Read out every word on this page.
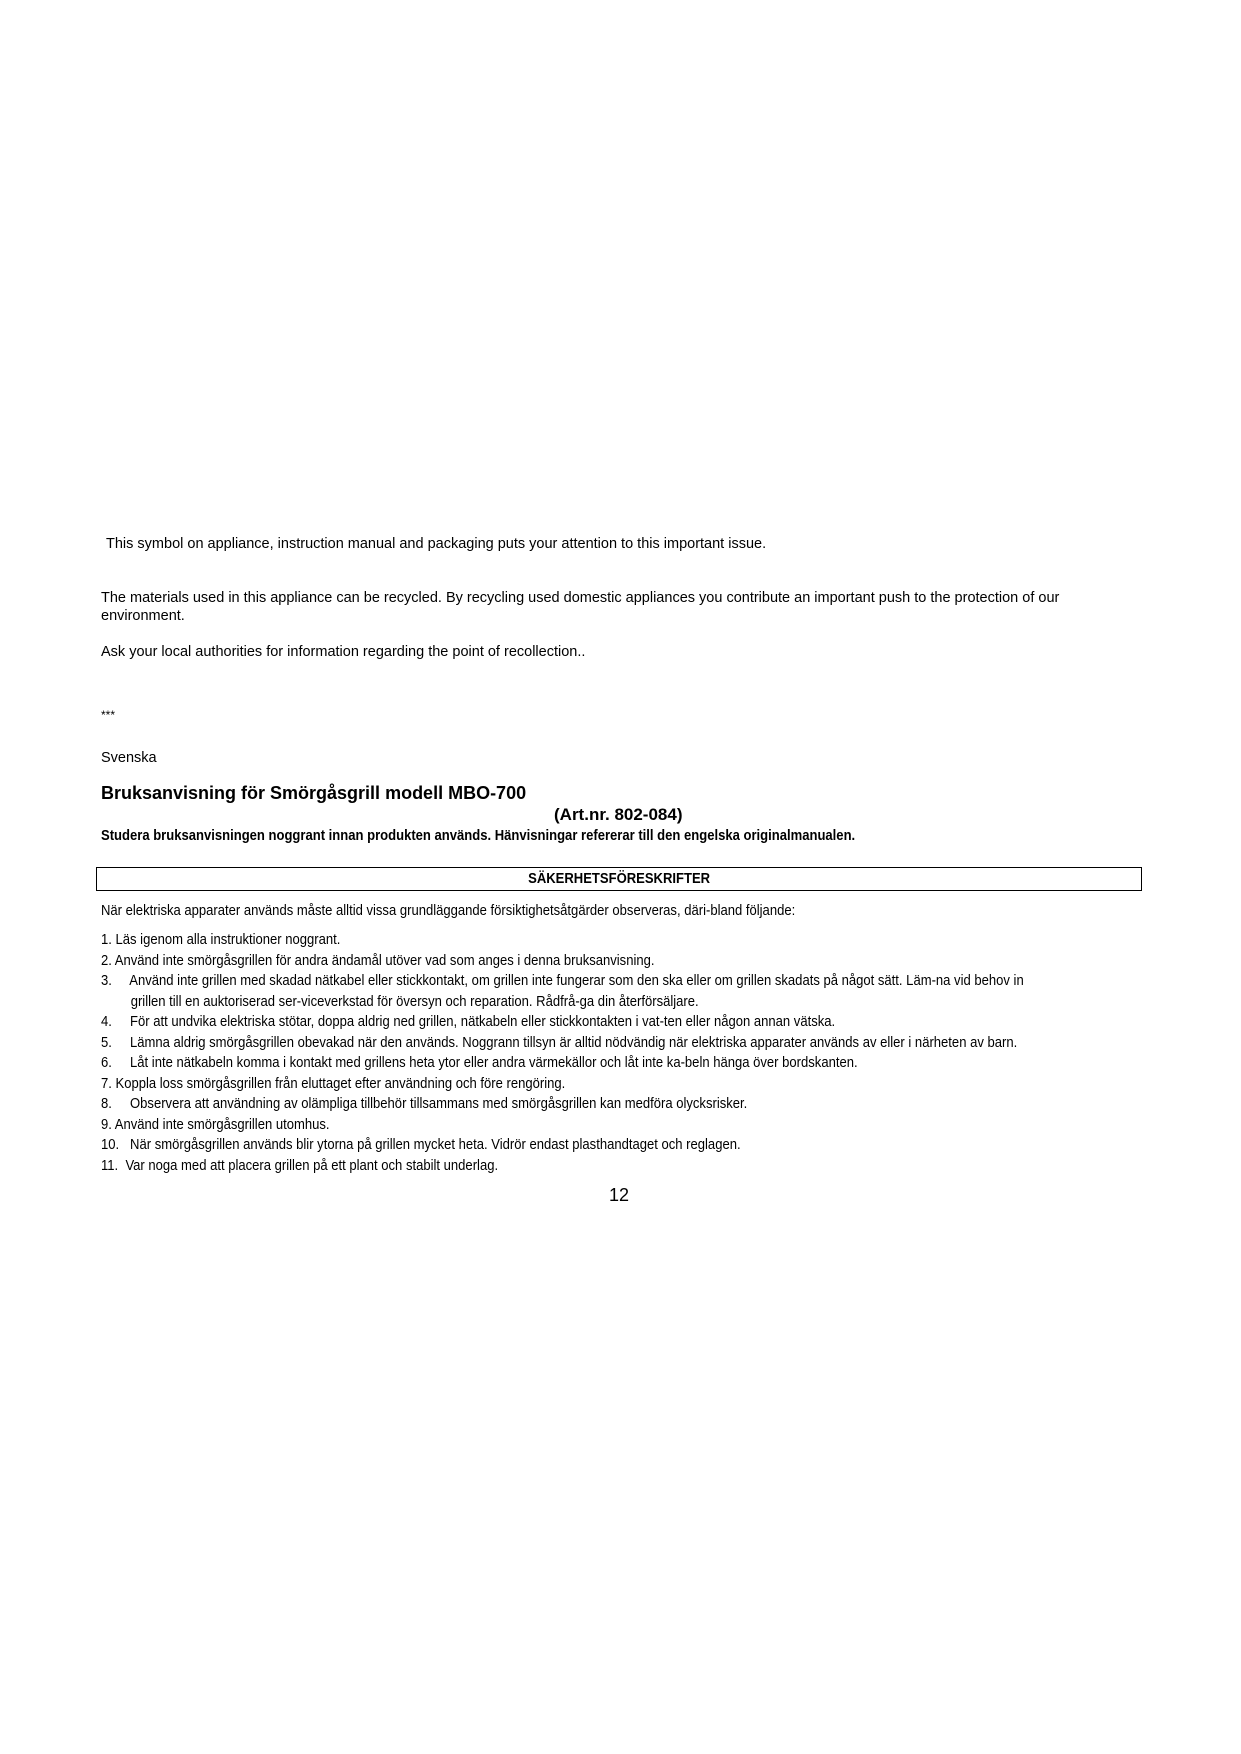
This symbol on appliance, instruction manual and packaging puts your attention to this important issue.
The materials used in this appliance can be recycled. By recycling used domestic appliances you contribute an important push to the protection of our environment.
Ask your local authorities for information regarding the point of recollection..
***
Svenska
Bruksanvisning för Smörgåsgrill modell MBO-700
(Art.nr. 802-084)
Studera bruksanvisningen noggrant innan produkten används. Hänvisningar refererar till den engelska originalmanualen.
SÄKERHETSFÖRESKRIFTER
När elektriska apparater används måste alltid vissa grundläggande försiktighetsåtgärder observeras, däri-bland följande:
1. Läs igenom alla instruktioner noggrant.
2. Använd inte smörgåsgrillen för andra ändamål utöver vad som anges i denna bruksanvisning.
3. Använd inte grillen med skadad nätkabel eller stickkontakt, om grillen inte fungerar som den ska eller om grillen skadats på något sätt. Läm-na vid behov in
grillen till en auktoriserad ser-viceverkstad för översyn och reparation. Rådfrå-ga din återförsäljare.
4. För att undvika elektriska stötar, doppa aldrig ned grillen, nätkabeln eller stickkontakten i vat-ten eller någon annan vätska.
5. Lämna aldrig smörgåsgrillen obevakad när den används. Noggrann tillsyn är alltid nödvändig när elektriska apparater används av eller i närheten av barn.
6. Låt inte nätkabeln komma i kontakt med grillens heta ytor eller andra värmekällor och låt inte ka-beln hänga över bordskanten.
7. Koppla loss smörgåsgrillen från eluttaget efter användning och före rengöring.
8. Observera att användning av olämpliga tillbehör tillsammans med smörgåsgrillen kan medföra olycksrisker.
9. Använd inte smörgåsgrillen utomhus.
10. När smörgåsgrillen används blir ytorna på grillen mycket heta. Vidrör endast plasthandtaget och reglagen.
11. Var noga med att placera grillen på ett plant och stabilt underlag.
12
